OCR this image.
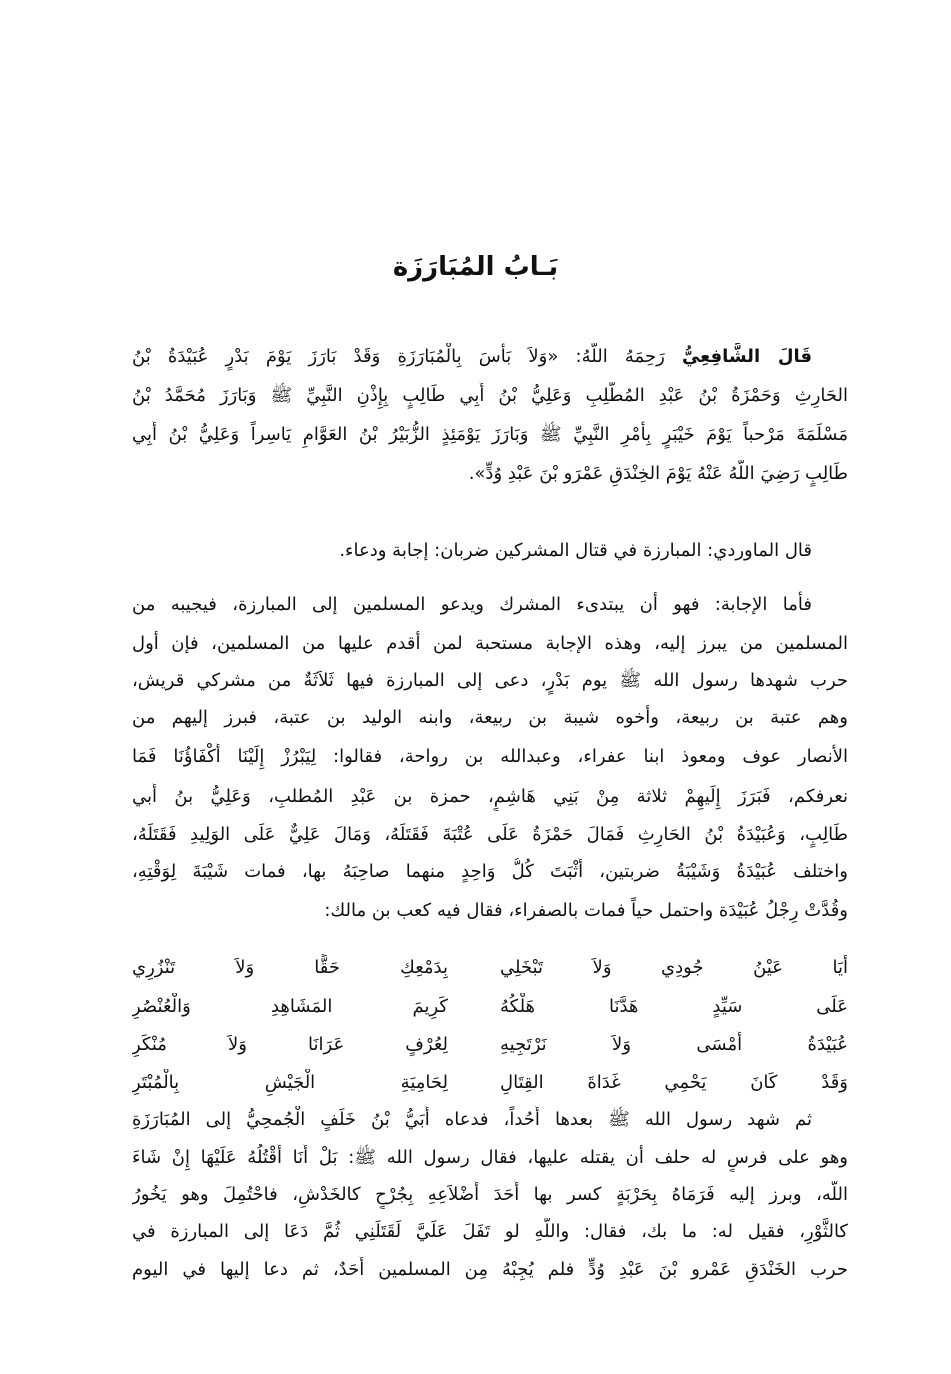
بَـابُ المُبَارَزَة
قَالَ الشَّافِعِيُّ رَحِمَهُ اللَّهُ: «وَلاَ بَأْسَ بِالْمُبَارَزَةِ وَقَدْ بَارَزَ يَوْمَ بَدْرٍ عُبَيْدَةُ بْنُ
الحَارِثِ وَحَمْزَةُ بْنُ عَبْدِ المُطَّلِبِ وَعَلِيُّ بْنُ أَبِي طَالِبٍ بِإِذْنِ النَّبِيِّ ﷺ وَبَارَزَ مُحَمَّدُ بْنُ
مَسْلَمَةَ مَرْحباً يَوْمَ خَيْبَرٍ بِأَمْرِ النَّبِيِّ ﷺ وَبَارَزَ يَوْمَئِذٍ الزُّبَيْرُ بْنُ العَوَّامِ يَاسِراً وَعَلِيُّ بْنُ أَبِي
طَالِبٍ رَضِيَ اللَّهُ عَنْهُ يَوْمَ الخِنْدَقِ عَمْرَو بْنَ عَبْدِ وُدٍّ».
قال الماوردي: المبارزة في قتال المشركين ضربان: إجابة ودعاء.
فأما الإجابة: فهو أن يبتدىء المشرك ويدعو المسلمين إلى المبارزة، فيجيبه من
المسلمين من يبرز إليه، وهذه الإجابة مستحبة لمن أقدم عليها من المسلمين، فإن أول
حرب شهدها رسول الله ﷺ يوم بَدْرٍ، دعى إلى المبارزة فيها ثَلاَثَةٌ من مشركي قريش،
وهم عتبة بن ربيعة، وأخوه شيبة بن ربيعة، وابنه الوليد بن عتبة، فبرز إليهم من
الأنصار عوف ومعوذ ابنا عفراء، وعبدالله بن رواحة، فقالوا: لِيَبْرُزْ إِلَيْنَا أَكْفَاؤُنَا فَمَا
نعرفكم، فَبَرَزَ إِلَيهِمْ ثلاثة مِنْ بَنِي هَاشِمٍ، حمزة بن عَبْدِ المُطلبِ، وَعَلِيُّ بنُ أَبي
طَالِبٍ، وَعُبَيْدَةُ بْنُ الحَارِثِ فَمَالَ حَمْزَةُ عَلَى عُتْبَةَ فَقَتَلَهُ، وَمَالَ عَلِيٌّ عَلَى الوَلِيدِ فَقَتَلَهُ،
واختلف عُبَيْدَةُ وَشَيْبَةُ ضربتين، أَثْبَتَ كُلُّ وَاحِدٍ منهما صاحِبَهُ بها، فمات شَيْبَةَ لِوَقْتِهِ،
وقُدَّتْ رِجْلُ عُبَيْدَة واحتمل حياً فمات بالصفراء، فقال فيه كعب بن مالك:
أَيَا عَيْنُ جُودِي وَلاَ تَبْخَلِي
بِدَمْعِكِ حَقًّا وَلاَ تَنْزُرِي
عَلَى سَيِّدٍ هَدَّنَا هَلْكُهُ
كَرِيمَ المَشَاهِدِ وَالْعُنْصُرِ
عُبَيْدَةُ أَمْسَى وَلاَ نَرْتَجِيهِ
لِعُرْفٍ عَرَانَا وَلاَ مُنْكَرِ
وَقَدْ كَانَ يَحْمِي غَدَاةَ القِتَالِ
لِحَامِيَةِ الْجَيْشِ بِالْمُبْتَرِ
ثم شهد رسول الله ﷺ بعدها أُحُداً، فدعاه أُبَيُّ بْنُ خَلَفٍ الْجُمحِيُّ إلى المُبَارَزَةِ
وهو على فرسٍ له حلف أن يقتله عليها، فقال رسول الله ﷺ: بَلْ أَنَا أَقْتُلُهُ عَلَيْهَا إِنْ شَاءَ
اللَّه، وبرز إليه فَرَمَاهُ بِحَرْبَةٍ كسر بها أَحَدَ أَضْلاَعِهِ بِجُرْحٍ كالخَدْشِ، فاحْتُمِلَ وهو يَخُورُ
كالثَّوْرِ، فقيل له: ما بك، فقال: واللَّهِ لو تَفَلَ عَلَيَّ لَقَتَلَنِي ثُمَّ دَعَا إلى المبارزة في
حرب الخَنْدَقِ عَمْرو بْنَ عَبْدِ وُدٍّ فلم يُجِبْهُ مِن المسلمين أَحَدٌ، ثم دعا إليها في اليوم
